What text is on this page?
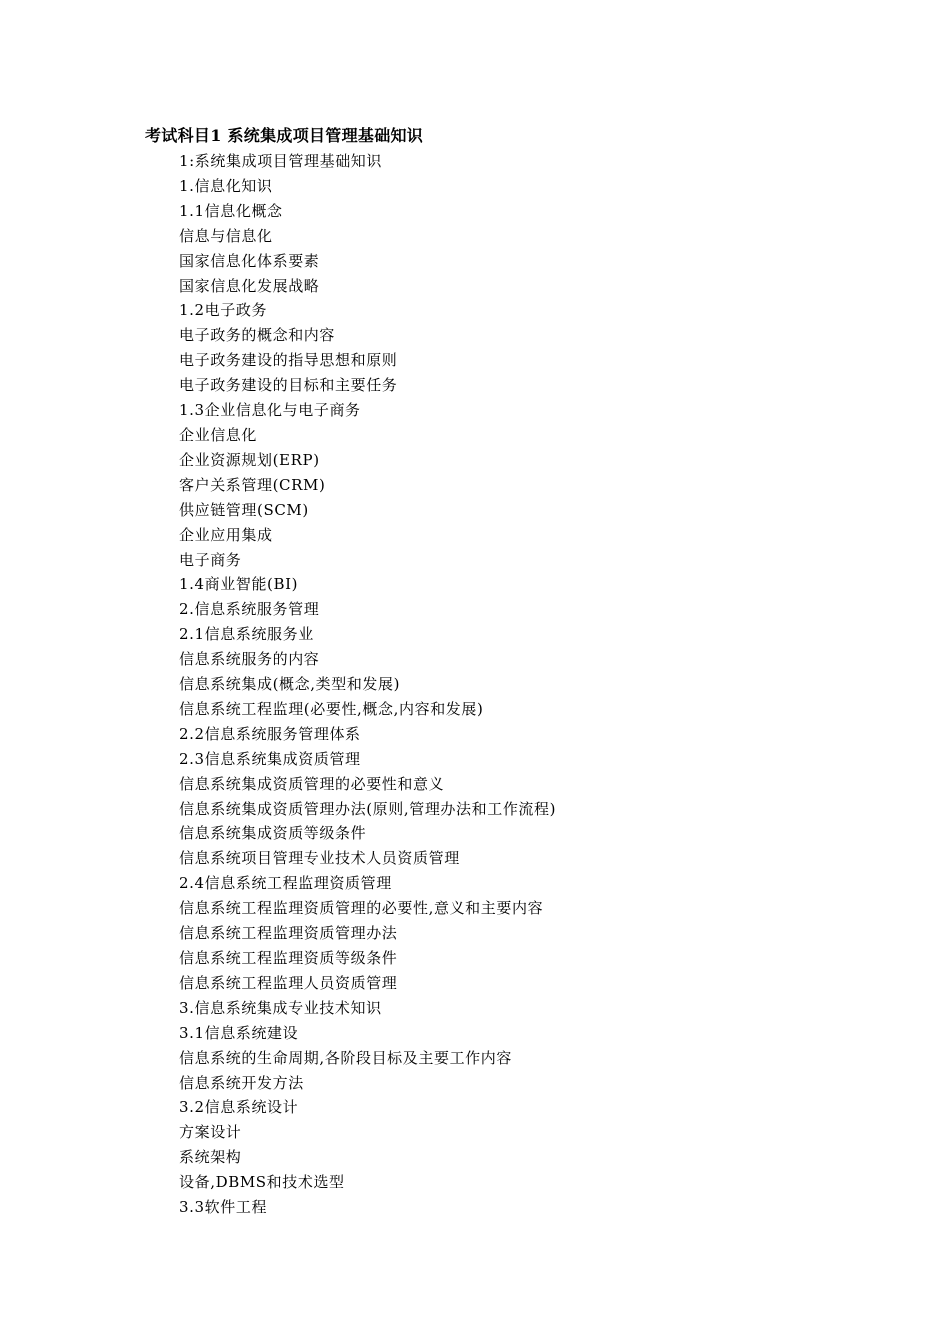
考试科目1 系统集成项目管理基础知识
1:系统集成项目管理基础知识
1.信息化知识
1.1信息化概念
信息与信息化
国家信息化体系要素
国家信息化发展战略
1.2电子政务
电子政务的概念和内容
电子政务建设的指导思想和原则
电子政务建设的目标和主要任务
1.3企业信息化与电子商务
企业信息化
企业资源规划(ERP)
客户关系管理(CRM)
供应链管理(SCM)
企业应用集成
电子商务
1.4商业智能(BI)
2.信息系统服务管理
2.1信息系统服务业
信息系统服务的内容
信息系统集成(概念,类型和发展)
信息系统工程监理(必要性,概念,内容和发展)
2.2信息系统服务管理体系
2.3信息系统集成资质管理
信息系统集成资质管理的必要性和意义
信息系统集成资质管理办法(原则,管理办法和工作流程)
信息系统集成资质等级条件
信息系统项目管理专业技术人员资质管理
2.4信息系统工程监理资质管理
信息系统工程监理资质管理的必要性,意义和主要内容
信息系统工程监理资质管理办法
信息系统工程监理资质等级条件
信息系统工程监理人员资质管理
3.信息系统集成专业技术知识
3.1信息系统建设
信息系统的生命周期,各阶段目标及主要工作内容
信息系统开发方法
3.2信息系统设计
方案设计
系统架构
设备,DBMS和技术选型
3.3软件工程
